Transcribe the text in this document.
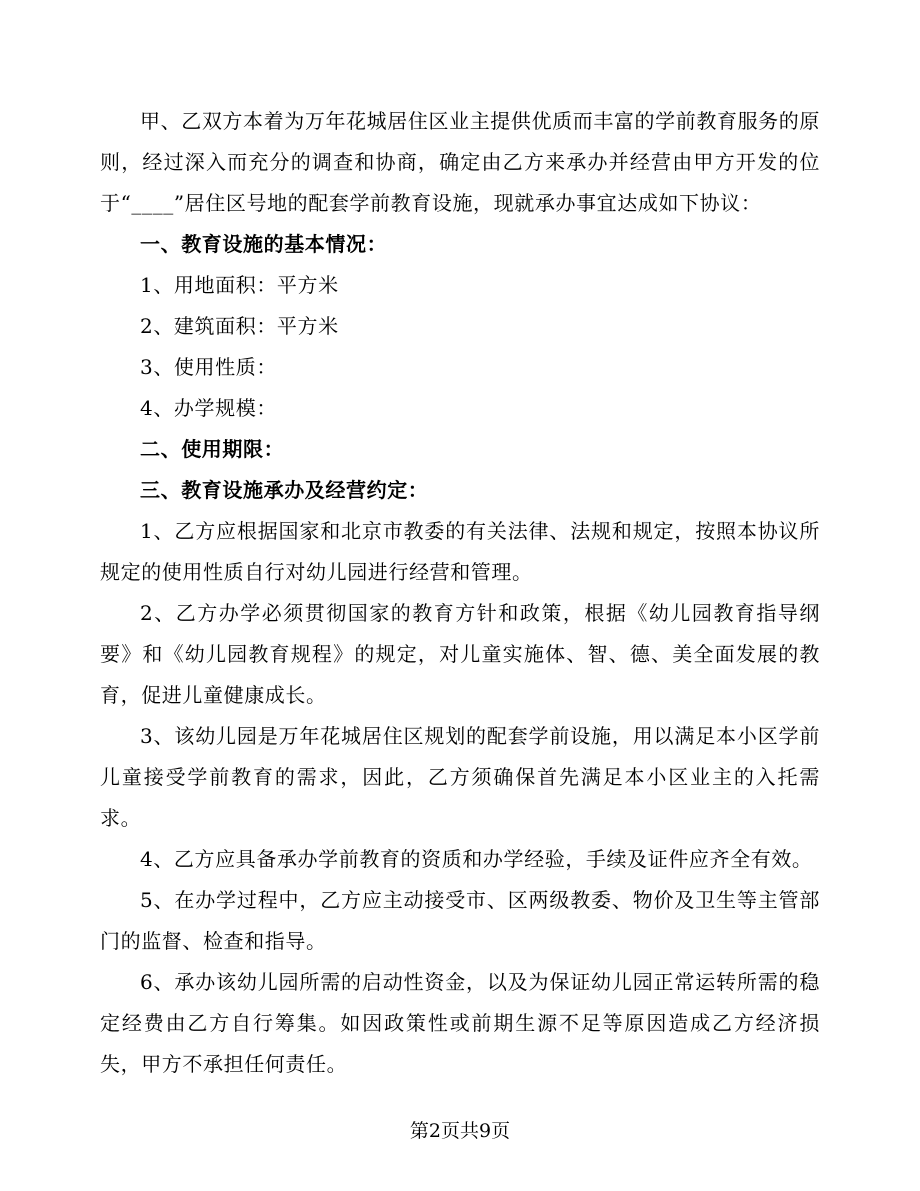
甲、乙双方本着为万年花城居住区业主提供优质而丰富的学前教育服务的原则，经过深入而充分的调查和协商，确定由乙方来承办并经营由甲方开发的位于“____”居住区号地的配套学前教育设施，现就承办事宜达成如下协议：

一、教育设施的基本情况：

1、用地面积：平方米

2、建筑面积：平方米

3、使用性质：

4、办学规模：

二、使用期限：

三、教育设施承办及经营约定：

1、乙方应根据国家和北京市教委的有关法律、法规和规定，按照本协议所规定的使用性质自行对幼儿园进行经营和管理。

2、乙方办学必须贯彻国家的教育方针和政策，根据《幼儿园教育指导纲要》和《幼儿园教育规程》的规定，对儿童实施体、智、德、美全面发展的教育，促进儿童健康成长。

3、该幼儿园是万年花城居住区规划的配套学前设施，用以满足本小区学前儿童接受学前教育的需求，因此，乙方须确保首先满足本小区业主的入托需求。

4、乙方应具备承办学前教育的资质和办学经验，手续及证件应齐全有效。

5、在办学过程中，乙方应主动接受市、区两级教委、物价及卫生等主管部门的监督、检查和指导。

6、承办该幼儿园所需的启动性资金，以及为保证幼儿园正常运转所需的稳定经费由乙方自行筹集。如因政策性或前期生源不足等原因造成乙方经济损失，甲方不承担任何责任。

第2页共9页
